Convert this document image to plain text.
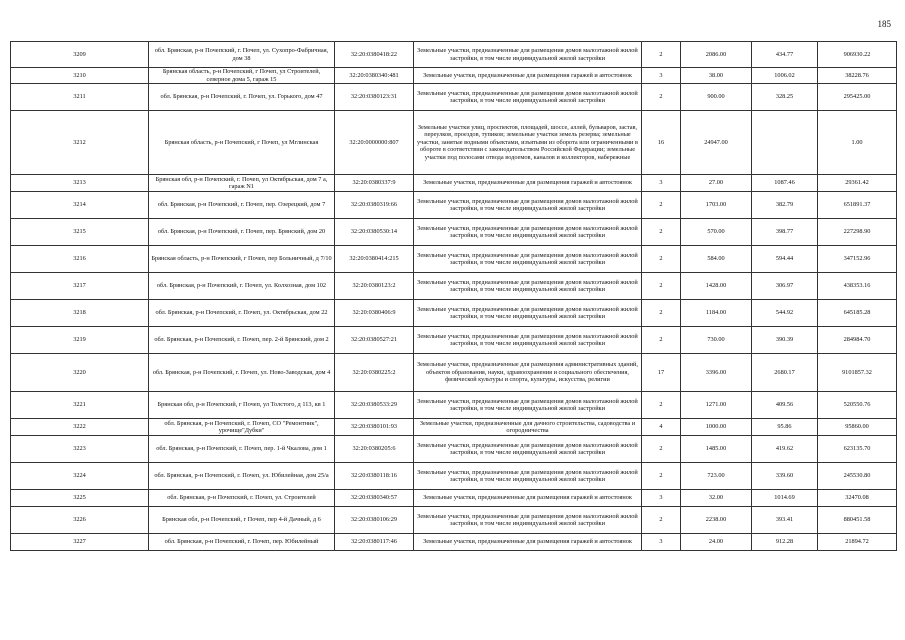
185
3209	обл. Брянская, р-н Почепский, г. Почеп, ул. Сухопро-Фабричная, дом 38	32:20:0380418:22	Земельные участки, предназначенные для размещения домов малоэтажной жилой застройки, в том числе индивидуальной жилой застройки	2	2086.00	434.77	906930.22
3210	Брянская область, р-н Почепский, г Почеп, ул Строителей, северное дома 5, гараж 15	32:20:0380340:481	Земельные участки, предназначенные для размещения гаражей и автостоянок	3	38.00	1006.02	38228.76
3211	обл. Брянская, р-н Почепский, г. Почеп, ул. Горького, дом 47	32:20:0380123:31	Земельные участки, предназначенные для размещения домов малоэтажной жилой застройки, в том числе индивидуальной жилой застройки	2	900.00	328.25	295425.00
3212	Брянская область, р-н Почепский, г Почеп, ул Мглинская	32:20:0000000:807	Земельные участки улиц, проспектов, площадей, шоссе, аллей, бульваров, застав, переулков, проездов, тупиков; земельные участки земель резерва; земельные участки, занятые водными объектами, изъятыми из оборота или ограниченными в обороте в соответствии с законодательством Российской Федерации; земельные участки под полосами отвода водоемов, каналов и коллекторов, набережные	16	24947.00		1.00
3213	Брянская обл, р-н Почепский, г. Почеп, ул Октябрьская, дом 7 а, гараж N1	32:20:0380337:9	Земельные участки, предназначенные для размещения гаражей и автостоянок	3	27.00	1087.46	29361.42
3214	обл. Брянская, р-н Почепский, г. Почеп, пер. Озерецкий, дом 7	32:20:0380319:66	Земельные участки, предназначенные для размещения домов малоэтажной жилой застройки, в том числе индивидуальной жилой застройки	2	1703.00	382.79	651891.37
3215	обл. Брянская, р-н Почепский, г. Почеп, пер. Брянский, дом 20	32:20:0380530:14	Земельные участки, предназначенные для размещения домов малоэтажной жилой застройки, в том числе индивидуальной жилой застройки	2	570.00	398.77	227298.90
3216	Брянская область, р-н Почепский, г Почеп, пер Больничный, д 7/10	32:20:0380414:215	Земельные участки, предназначенные для размещения домов малоэтажной жилой застройки, в том числе индивидуальной жилой застройки	2	584.00	594.44	347152.96
3217	обл. Брянская, р-н Почепский, г. Почеп, ул. Колхозная, дом 102	32:20:0380123:2	Земельные участки, предназначенные для размещения домов малоэтажной жилой застройки, в том числе индивидуальной жилой застройки	2	1428.00	306.97	438353.16
3218	обл. Брянская, р-н Почепский, г. Почеп, ул. Октябрьская, дом 22	32:20:0380406:9	Земельные участки, предназначенные для размещения домов малоэтажной жилой застройки, в том числе индивидуальной жилой застройки	2	1184.00	544.92	645185.28
3219	обл. Брянская, р-н Почепский, г. Почеп, пер. 2-й Брянский, дом 2	32:20:0380527:21	Земельные участки, предназначенные для размещения домов малоэтажной жилой застройки, в том числе индивидуальной жилой застройки	2	730.00	390.39	284984.70
3220	обл. Брянская, р-н Почепский, г. Почеп, ул. Ново-Заводская, дом 4	32:20:0380225:2	Земельные участки, предназначенные для размещения административных зданий, объектов образования, науки, здравоохранения и социального обеспечения, физической культуры и спорта, культуры, искусства, религии	17	3396.00	2680.17	9101857.32
3221	Брянская обл, р-н Почепский, г Почеп, ул Толстого, д 113, кв 1	32:20:0380533:29	Земельные участки, предназначенные для размещения домов малоэтажной жилой застройки, в том числе индивидуальной жилой застройки	2	1271.00	409.56	520550.76
3222	обл. Брянская, р-н Почепский, г. Почеп, СО "Ремонтник", урочище"Дубки"	32:20:0380101:93	Земельные участки, предназначенные для дачного строительства, садоводства и огородничества	4	1000.00	95.86	95860.00
3223	обл. Брянская, р-н Почепский, г. Почеп, пер. 1-й Чкалова, дом 1	32:20:0380205:6	Земельные участки, предназначенные для размещения домов малоэтажной жилой застройки, в том числе индивидуальной жилой застройки	2	1485.00	419.62	623135.70
3224	обл. Брянская, р-н Почепский, г. Почеп, ул. Юбилейная, дом 25/а	32:20:0380118:16	Земельные участки, предназначенные для размещения домов малоэтажной жилой застройки, в том числе индивидуальной жилой застройки	2	723.00	339.60	245530.80
3225	обл. Брянская, р-н Почепский, г. Почеп, ул. Строителей	32:20:0380340:57	Земельные участки, предназначенные для размещения гаражей и автостоянок	3	32.00	1014.69	32470.08
3226	Брянская обл, р-н Почепский, г Почеп, пер 4-й Дачный, д 6	32:20:0380106:29	Земельные участки, предназначенные для размещения домов малоэтажной жилой застройки, в том числе индивидуальной жилой застройки	2	2238.00	393.41	880451.58
3227	обл. Брянская, р-н Почепский, г. Почеп, пер. Юбилейный	32:20:0380117:46	Земельные участки, предназначенные для размещения гаражей и автостоянок	3	24.00	912.28	21894.72
